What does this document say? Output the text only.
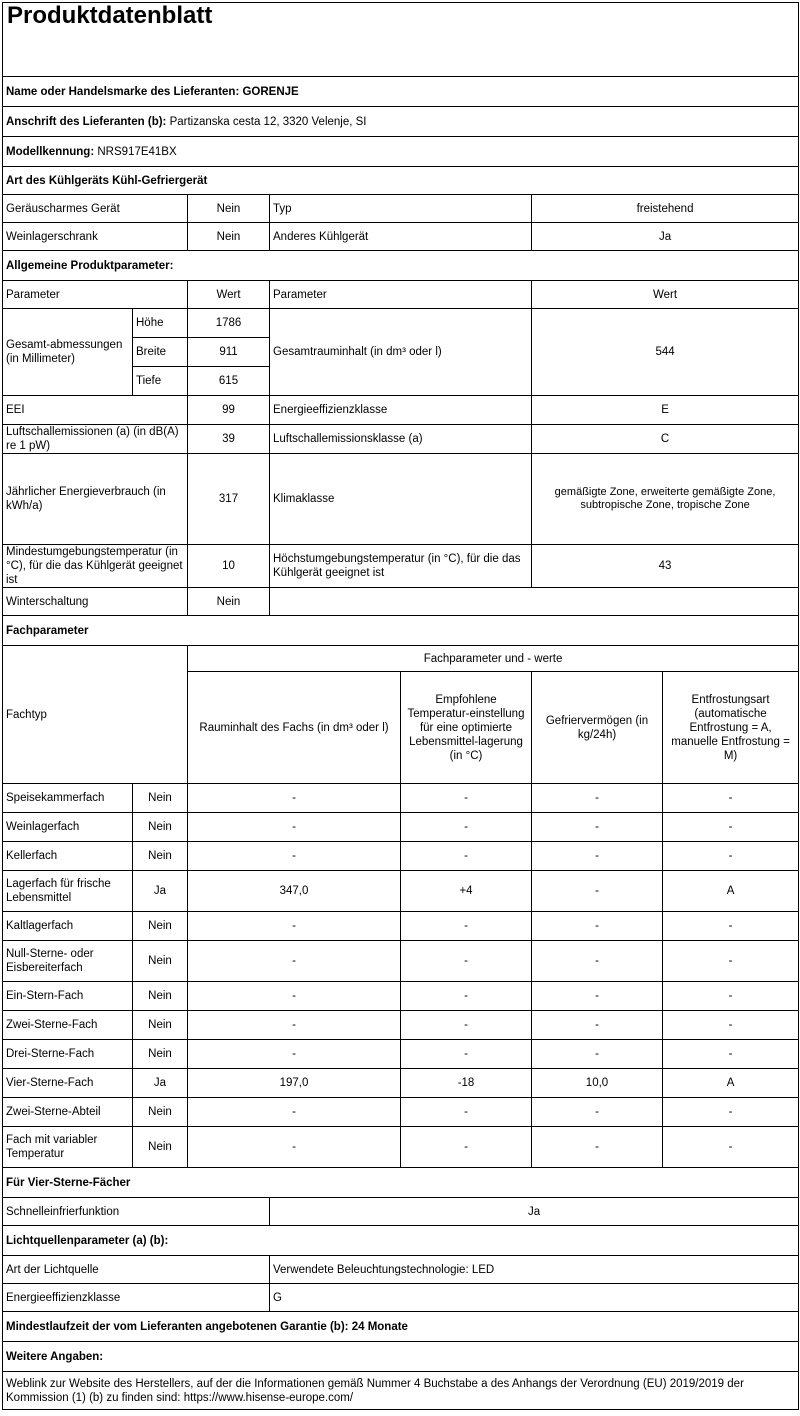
Produktdatenblatt						
Name oder Handelsmarke des Lieferanten: GORENJE						
Anschrift des Lieferanten (b): Partizanska cesta 12, 3320 Velenje, SI						
Modellkennung: NRS917E41BX						
Art des Kühlgeräts Kühl-Gefriergerät						
Geräuscharmes Gerät		Nein	Typ		freistehend	
Weinlagerschrank		Nein	Anderes Kühlgerät		Ja	
Allgemeine Produktparameter:						
Parameter		Wert	Parameter		Wert	
Gesamt-abmessungen (in Millimeter)	Höhe	1786	Gesamtrauminhalt (in dm³ oder l)		544	
	Breite	911				
	Tiefe	615				
EEI		99	Energieeffizienzklasse		E	
Luftschallemissionen (a) (in dB(A) re 1 pW)		39	Luftschallemissionsklasse (a)		C	
Jährlicher Energieverbrauch (in kWh/a)		317	Klimaklasse		gemäßigte Zone, erweiterte gemäßigte Zone, subtropische Zone, tropische Zone	
Mindestumgebungstemperatur (in °C), für die das Kühlgerät geeignet ist		10	Höchstumgebungstemperatur (in °C), für die das Kühlgerät geeignet ist		43	
Winterschaltung		Nein				
Fachparameter						
Fachtyp		Fachparameter und - werte				
		Rauminhalt des Fachs (in dm³ oder l)		Empfohlene Temperatur-einstellung für eine optimierte Lebensmittel-lagerung (in °C)	Gefriervermögen (in kg/24h)	Entfrostungsart (automatische Entfrostung = A, manuelle Entfrostung = M)
Speisekammerfach	Nein	-		-	-	-
Weinlagerfach	Nein	-		-	-	-
Kellerfach	Nein	-		-	-	-
Lagerfach für frische Lebensmittel	Ja	347,0		+4	-	A
Kaltlagerfach	Nein	-		-	-	-
Null-Sterne- oder Eisbereiterfach	Nein	-		-	-	-
Ein-Stern-Fach	Nein	-		-	-	-
Zwei-Sterne-Fach	Nein	-		-	-	-
Drei-Sterne-Fach	Nein	-		-	-	-
Vier-Sterne-Fach	Ja	197,0		-18	10,0	A
Zwei-Sterne-Abteil	Nein	-		-	-	-
Fach mit variabler Temperatur	Nein	-		-	-	-
Für Vier-Sterne-Fächer						
Schnelleinfrierfunktion			Ja			
Lichtquellenparameter (a) (b):						
Art der Lichtquelle			Verwendete Beleuchtungstechnologie: LED			
Energieeffizienzklasse			G			
Mindestlaufzeit der vom Lieferanten angebotenen Garantie (b): 24 Monate						
Weitere Angaben:						
Weblink zur Website des Herstellers, auf der die Informationen gemäß Nummer 4 Buchstabe a des Anhangs der Verordnung (EU) 2019/2019 der Kommission (1) (b) zu finden sind: https://www.hisense-europe.com/						
